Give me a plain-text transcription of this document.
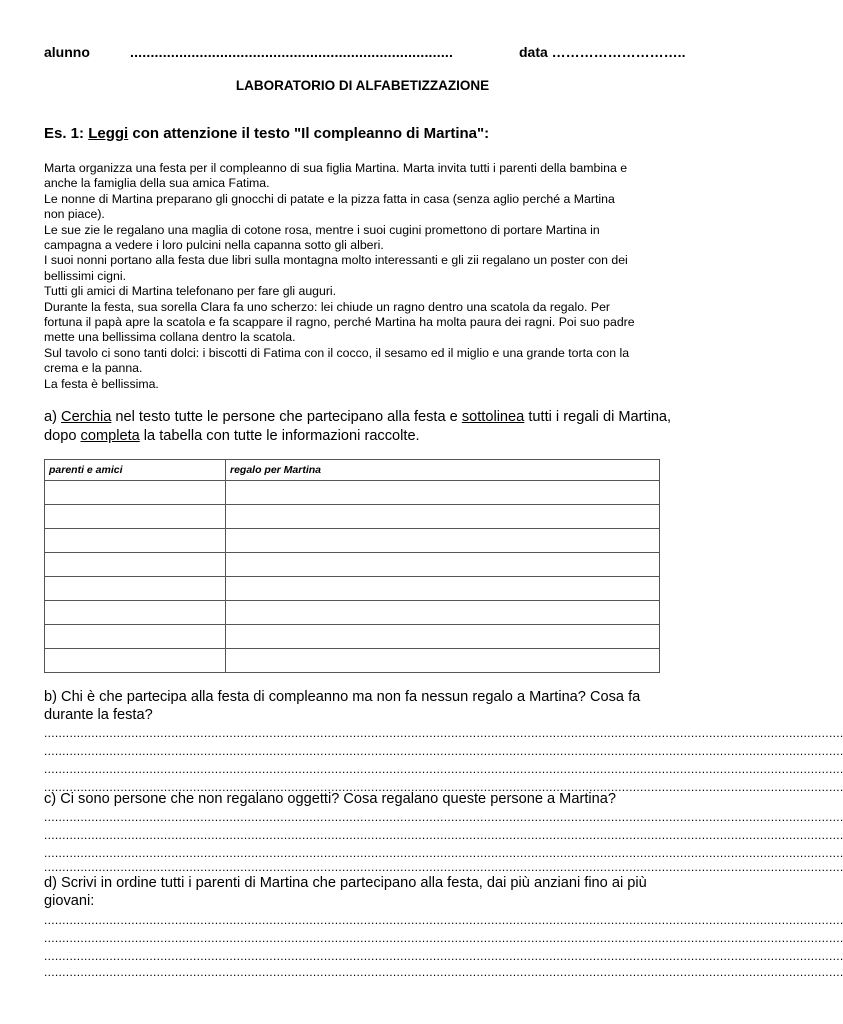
alunno	...............................................................................	data ………………………..
LABORATORIO DI ALFABETIZZAZIONE
Es. 1: Leggi con attenzione il testo "Il compleanno di Martina":
Marta organizza una festa per il compleanno di sua figlia Martina. Marta invita tutti i parenti della bambina e
anche la famiglia della sua amica Fatima.
Le nonne di Martina preparano gli gnocchi di patate e la pizza fatta in casa (senza aglio perché a Martina
non piace).
Le sue zie le regalano una maglia di cotone rosa, mentre i suoi cugini promettono di portare Martina in
campagna a vedere i loro pulcini nella capanna sotto gli alberi.
I suoi nonni portano alla festa due libri sulla montagna molto interessanti e gli zii regalano un poster con dei
bellissimi cigni.
Tutti gli amici di Martina telefonano per fare gli auguri.
Durante la festa, sua sorella Clara fa uno scherzo: lei chiude un ragno dentro una scatola da regalo. Per
fortuna il papà apre la scatola e fa scappare il ragno, perché Martina ha molta paura dei ragni. Poi suo padre
mette una bellissima collana dentro la scatola.
Sul tavolo ci sono tanti dolci: i biscotti di Fatima con il cocco, il sesamo ed il miglio e una grande torta con la
crema e la panna.
La festa è bellissima.
a) Cerchia nel testo tutte le persone che partecipano alla festa e sottolinea tutti i regali di Martina,
dopo completa la tabella con tutte le informazioni raccolte.
parenti e amici	regalo per Martina

b) Chi è che partecipa alla festa di compleanno ma non fa nessun regalo a Martina? Cosa fa
durante la festa?
............................................................................................................................................................................................................................
............................................................................................................................................................................................................................
............................................................................................................................................................................................................................
............................................................................................................................................................................................................................
c) Ci sono persone che non regalano oggetti? Cosa regalano queste persone a Martina?
............................................................................................................................................................................................................................
............................................................................................................................................................................................................................
............................................................................................................................................................................................................................
............................................................................................................................................................................................................................
d) Scrivi in ordine tutti i parenti di Martina che partecipano alla festa, dai più anziani fino ai più
giovani:
............................................................................................................................................................................................................................
............................................................................................................................................................................................................................
............................................................................................................................................................................................................................
............................................................................................................................................................................................................................
